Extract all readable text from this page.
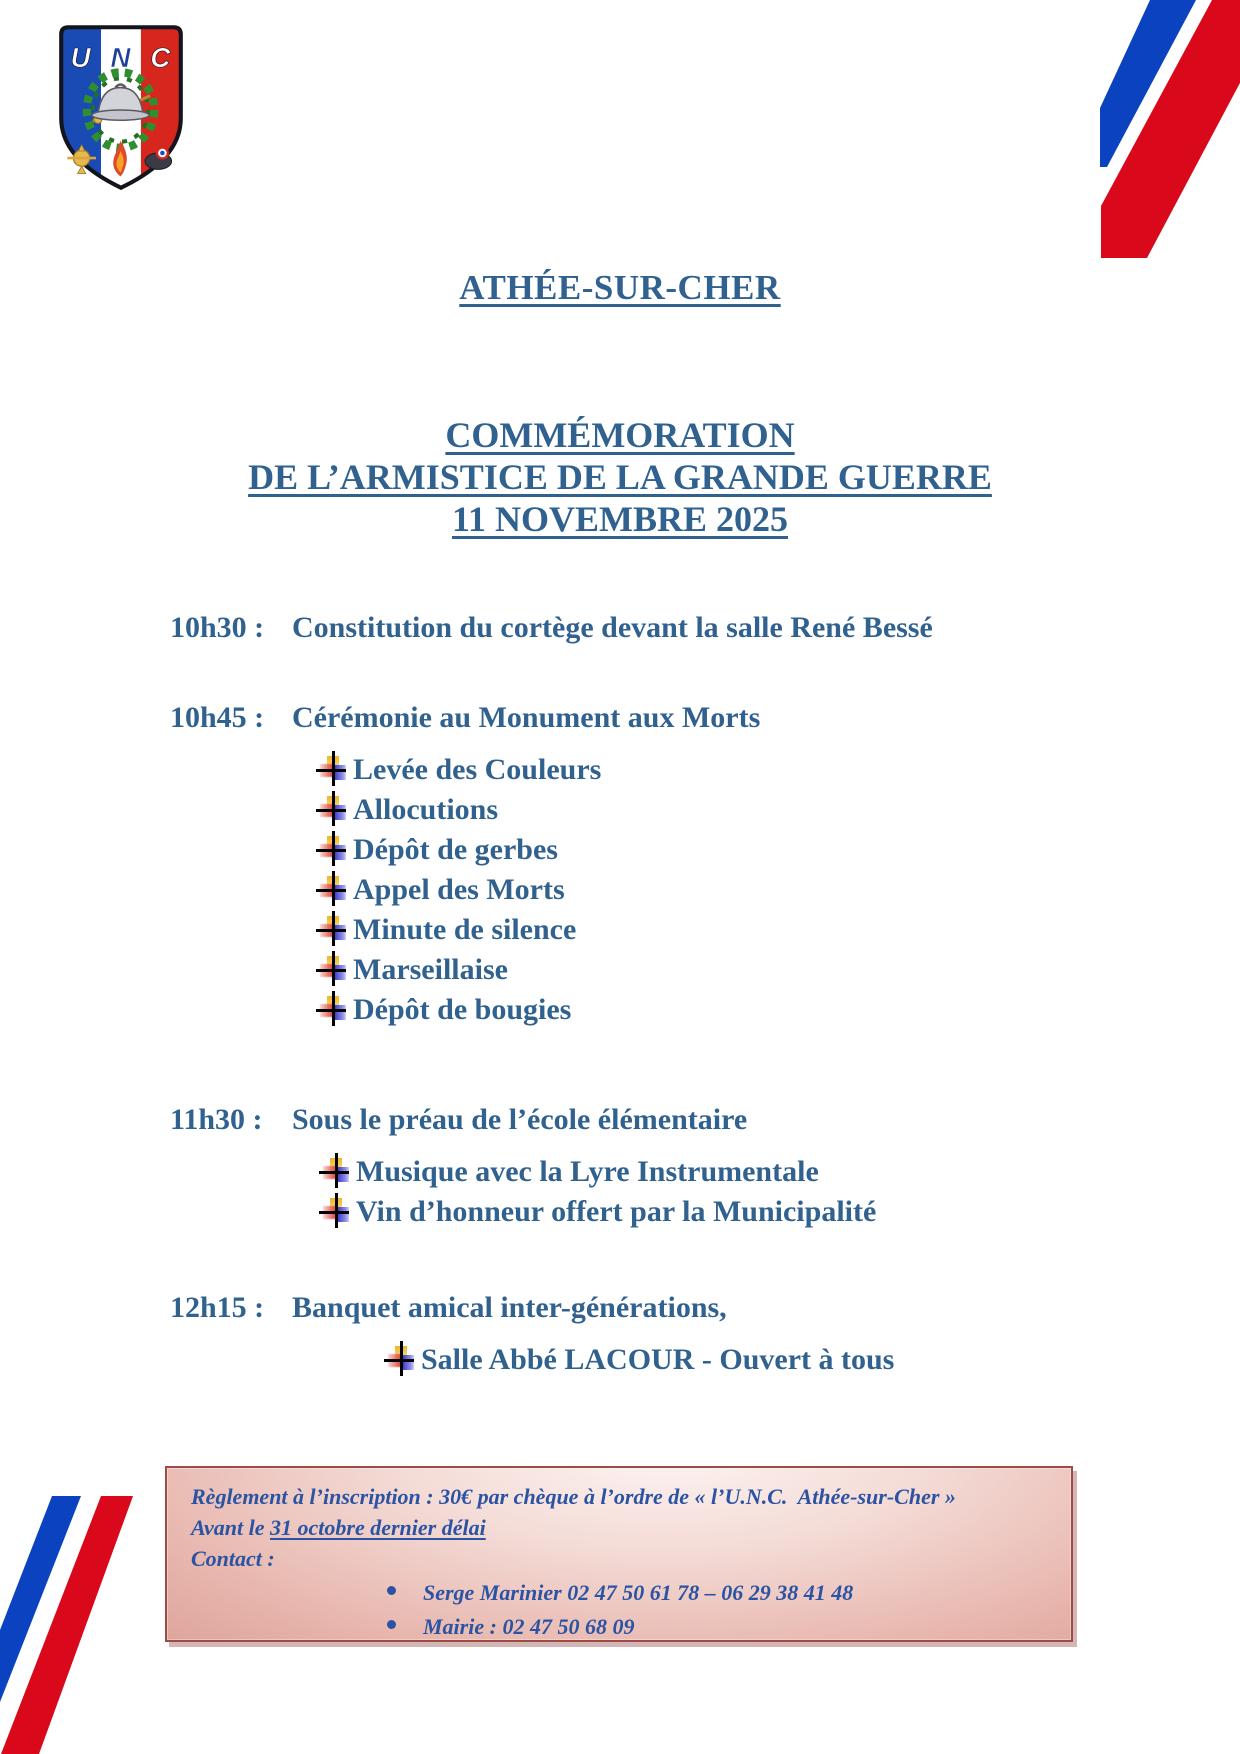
U N C
ATHÉE-SUR-CHER
COMMÉMORATION
DE L’ARMISTICE DE LA GRANDE GUERRE
11 NOVEMBRE 2025
10h30 : Constitution du cortège devant la salle René Bessé
10h45 : Cérémonie au Monument aux Morts
Levée des Couleurs
Allocutions
Dépôt de gerbes
Appel des Morts
Minute de silence
Marseillaise
Dépôt de bougies
11h30 : Sous le préau de l’école élémentaire
Musique avec la Lyre Instrumentale
Vin d’honneur offert par la Municipalité
12h15 : Banquet amical inter-générations,
Salle Abbé LACOUR - Ouvert à tous
Règlement à l’inscription : 30€ par chèque à l’ordre de « l’U.N.C.  Athée-sur-Cher »
Avant le 31 octobre dernier délai
Contact :
Serge Marinier 02 47 50 61 78 – 06 29 38 41 48
Mairie : 02 47 50 68 09
